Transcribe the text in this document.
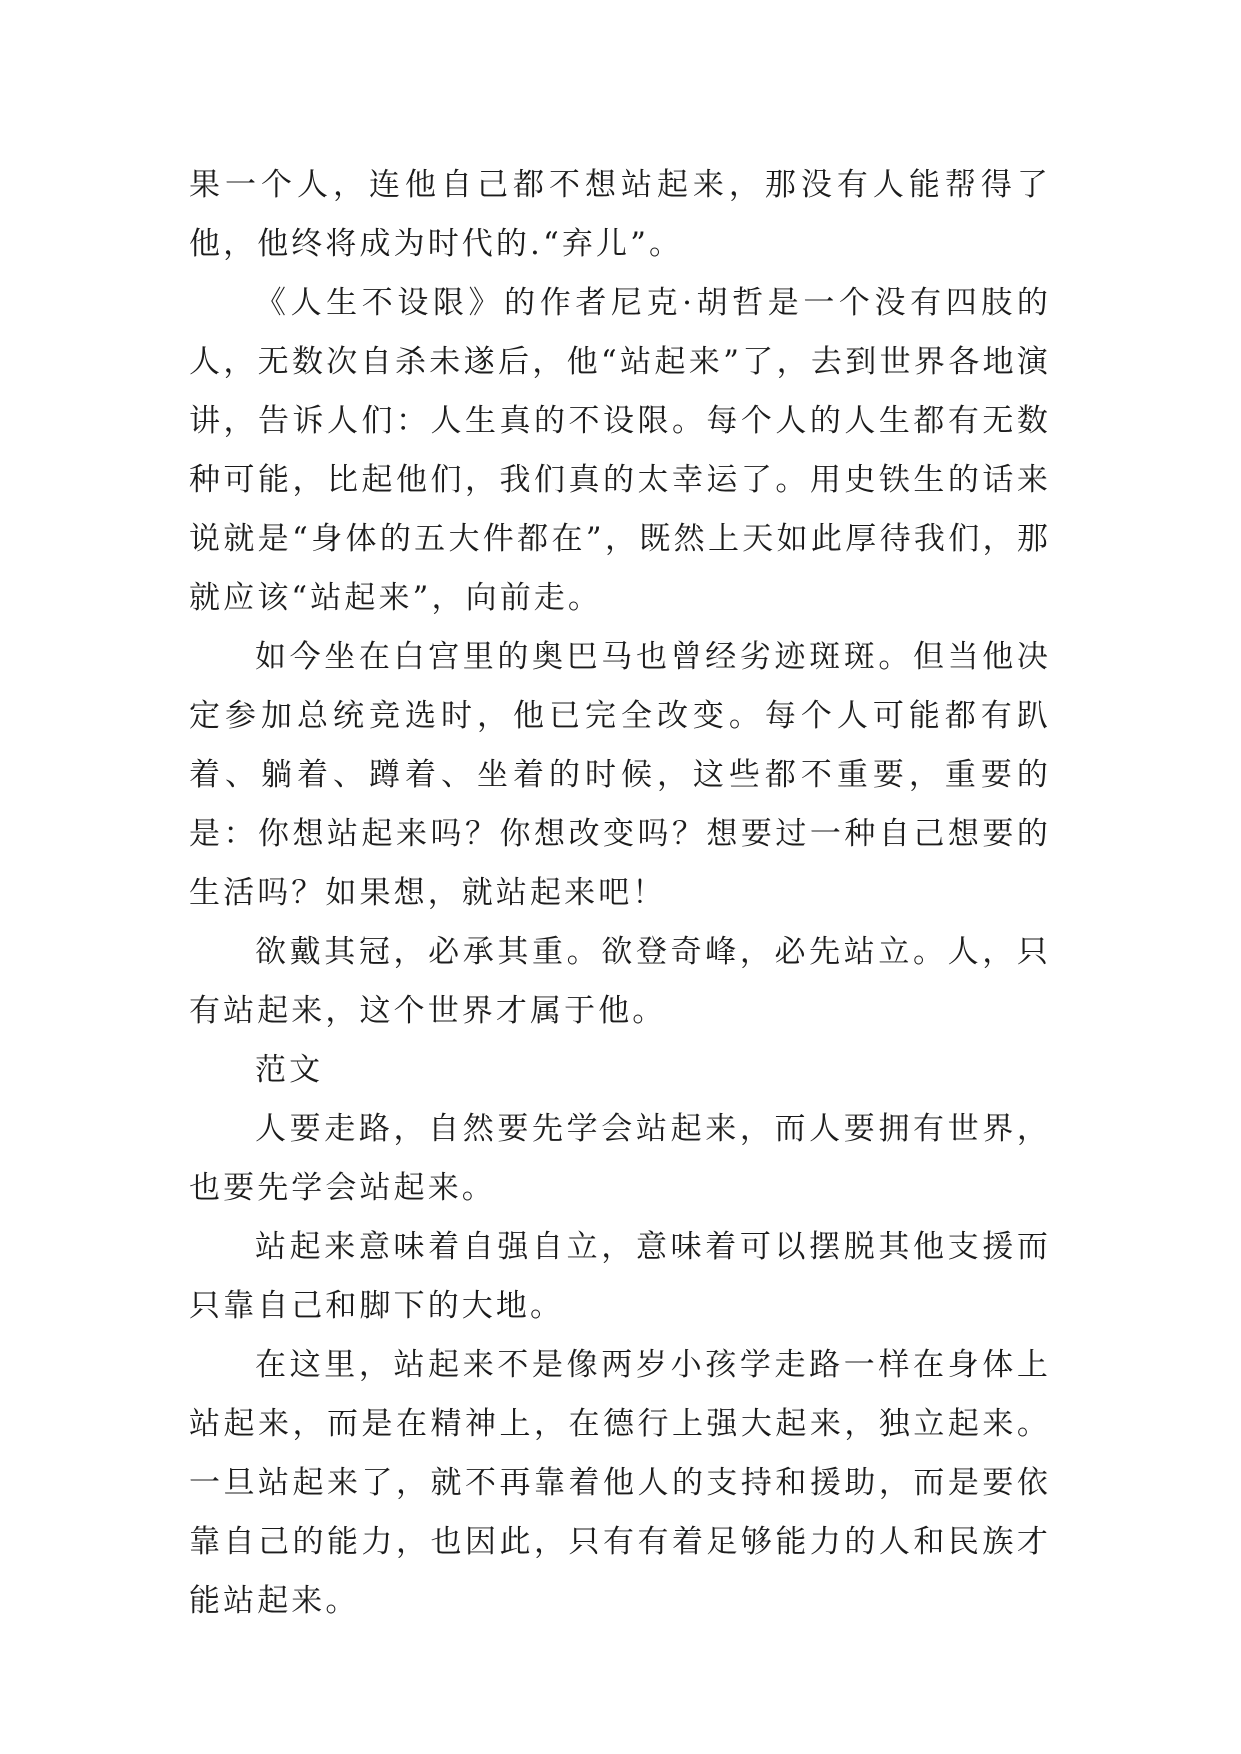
果一个人，连他自己都不想站起来，那没有人能帮得了他，他终将成为时代的.“弃儿”。

《人生不设限》的作者尼克·胡哲是一个没有四肢的人，无数次自杀未遂后，他“站起来”了，去到世界各地演讲，告诉人们：人生真的不设限。每个人的人生都有无数种可能，比起他们，我们真的太幸运了。用史铁生的话来说就是“身体的五大件都在”，既然上天如此厚待我们，那就应该“站起来”，向前走。

如今坐在白宫里的奥巴马也曾经劣迹斑斑。但当他决定参加总统竞选时，他已完全改变。每个人可能都有趴着、躺着、蹲着、坐着的时候，这些都不重要，重要的是：你想站起来吗？你想改变吗？想要过一种自己想要的生活吗？如果想，就站起来吧！

欲戴其冠，必承其重。欲登奇峰，必先站立。人，只有站起来，这个世界才属于他。

范文

人要走路，自然要先学会站起来，而人要拥有世界，也要先学会站起来。

站起来意味着自强自立，意味着可以摆脱其他支援而只靠自己和脚下的大地。

在这里，站起来不是像两岁小孩学走路一样在身体上站起来，而是在精神上，在德行上强大起来，独立起来。一旦站起来了，就不再靠着他人的支持和援助，而是要依靠自己的能力，也因此，只有有着足够能力的人和民族才能站起来。
